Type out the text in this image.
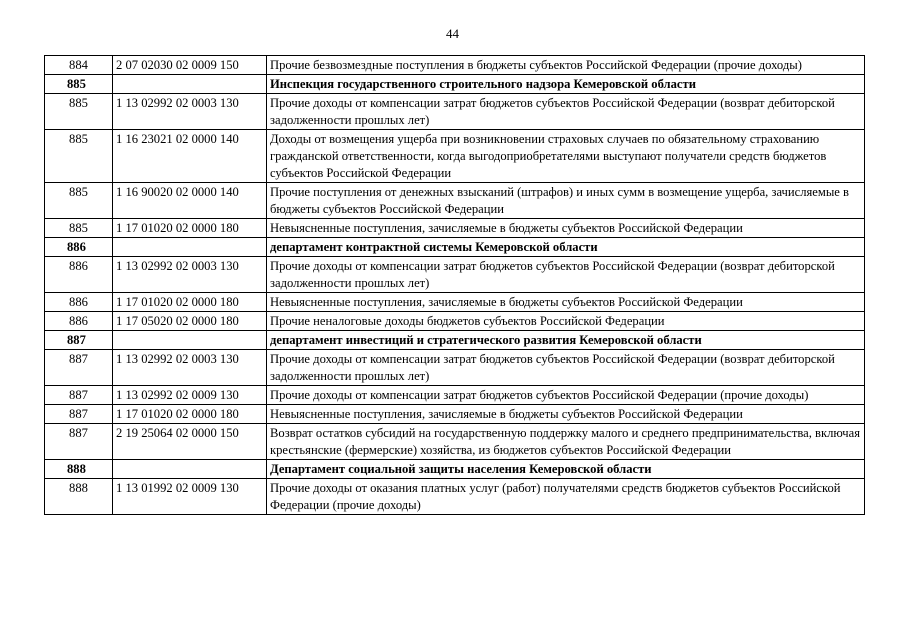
44
884	2 07 02030 02 0009 150	Прочие безвозмездные поступления в бюджеты субъектов Российской Федерации (прочие доходы)
885		Инспекция государственного строительного надзора Кемеровской области
885	1 13 02992 02 0003 130	Прочие доходы от компенсации затрат бюджетов субъектов Российской Федерации (возврат дебиторской задолженности прошлых лет)
885	1 16 23021 02 0000 140	Доходы от возмещения ущерба при возникновении страховых случаев по обязательному страхованию гражданской ответственности, когда выгодоприобретателями выступают получатели средств бюджетов субъектов Российской Федерации
885	1 16 90020 02 0000 140	Прочие поступления от денежных взысканий (штрафов) и иных сумм в возмещение ущерба, зачисляемые в бюджеты субъектов Российской Федерации
885	1 17 01020 02 0000 180	Невыясненные поступления, зачисляемые в бюджеты субъектов Российской Федерации
886		департамент контрактной системы Кемеровской области
886	1 13 02992 02 0003 130	Прочие доходы от компенсации затрат бюджетов субъектов Российской Федерации (возврат дебиторской задолженности прошлых лет)
886	1 17 01020 02 0000 180	Невыясненные поступления, зачисляемые в бюджеты субъектов Российской Федерации
886	1 17 05020 02 0000 180	Прочие неналоговые доходы бюджетов субъектов Российской Федерации
887		департамент инвестиций и стратегического развития Кемеровской области
887	1 13 02992 02 0003 130	Прочие доходы от компенсации затрат бюджетов субъектов Российской Федерации (возврат дебиторской задолженности прошлых лет)
887	1 13 02992 02 0009 130	Прочие доходы от компенсации затрат бюджетов субъектов Российской Федерации (прочие доходы)
887	1 17 01020 02 0000 180	Невыясненные поступления, зачисляемые в бюджеты субъектов Российской Федерации
887	2 19 25064 02 0000 150	Возврат остатков субсидий на государственную поддержку малого и среднего предпринимательства, включая крестьянские (фермерские) хозяйства, из бюджетов субъектов Российской Федерации
888		Департамент социальной защиты населения Кемеровской области
888	1 13 01992 02 0009 130	Прочие доходы от оказания платных услуг (работ) получателями средств бюджетов субъектов Российской Федерации (прочие доходы)
